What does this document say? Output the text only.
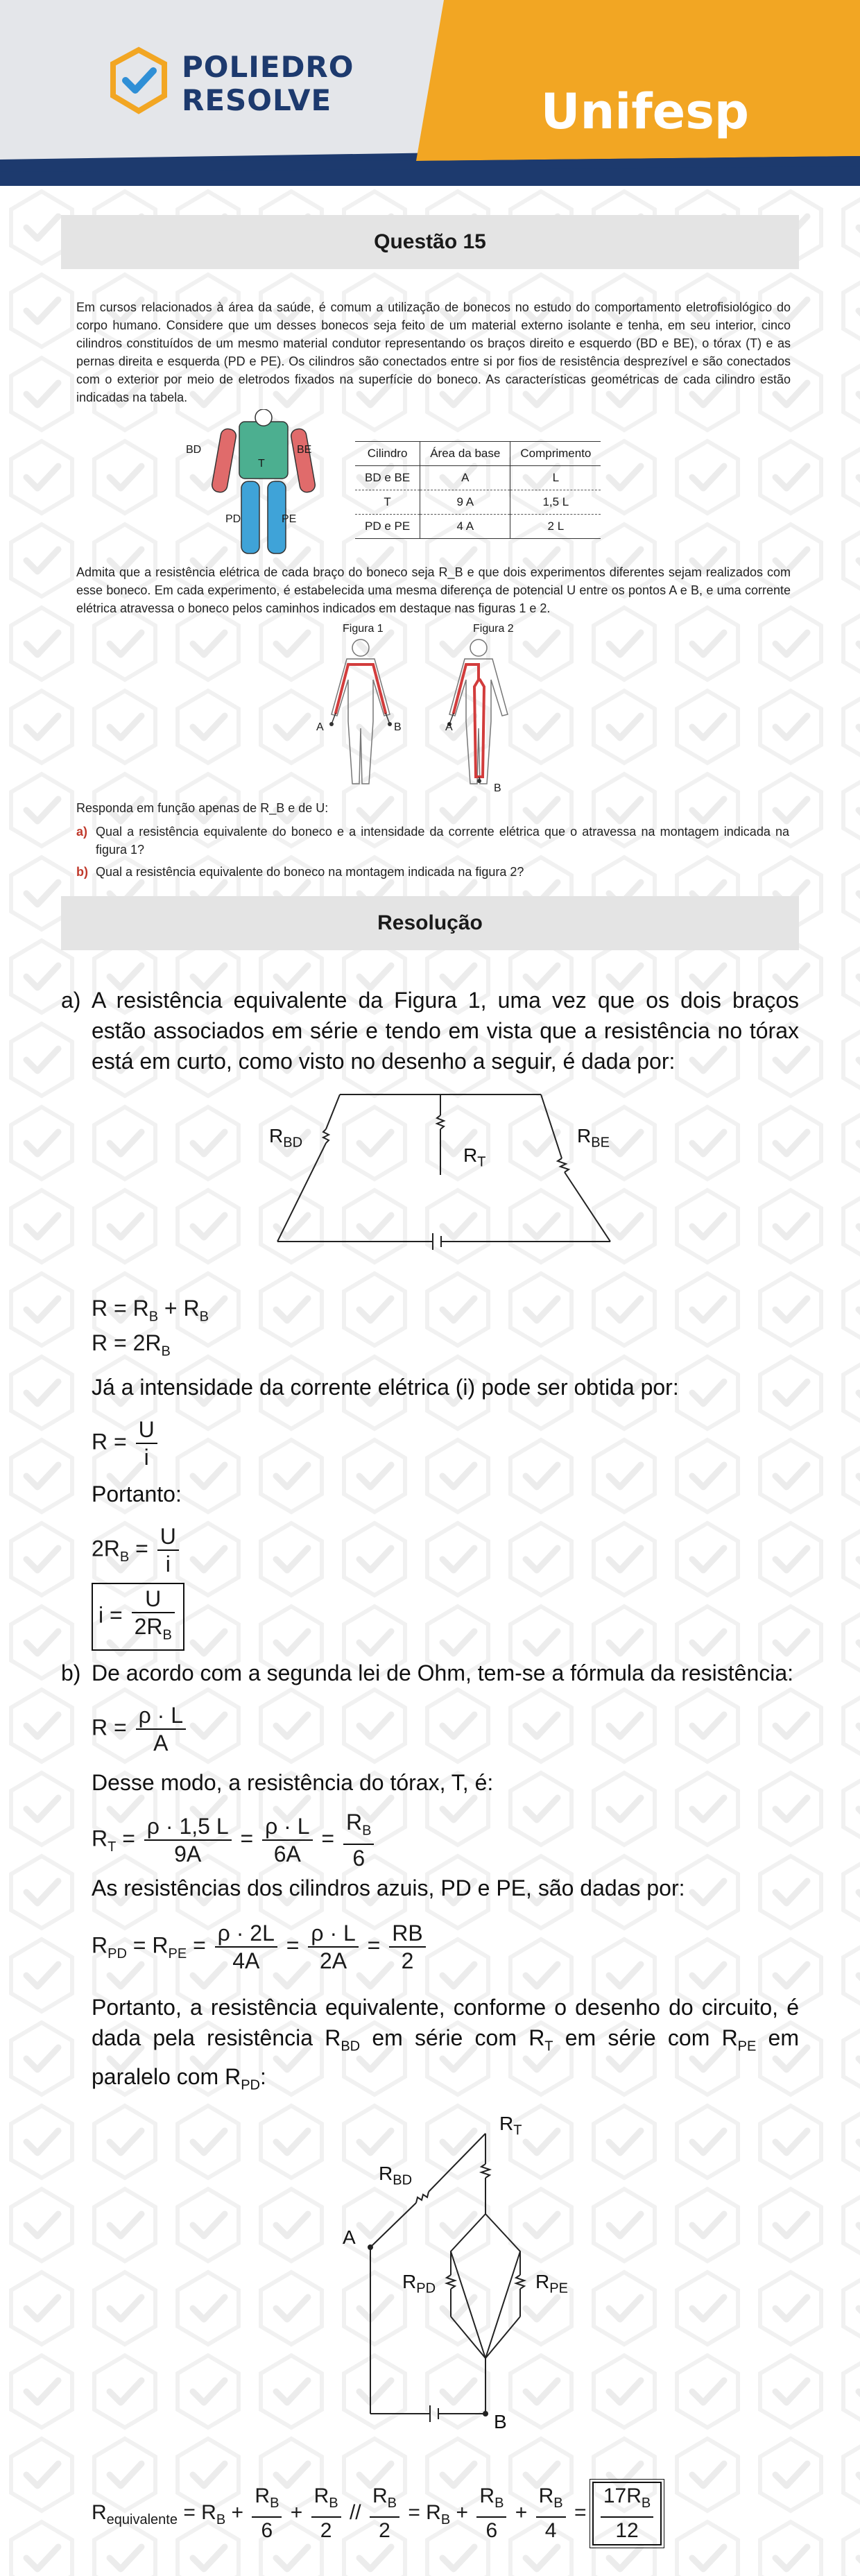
POLIEDRO
RESOLVE	Unifesp
Questão 15

Em cursos relacionados à área da saúde, é comum a utilização de bonecos no estudo do comportamento eletrofisiológico do corpo humano. Considere que um desses bonecos seja feito de um material externo isolante e tenha, em seu interior, cinco cilindros constituídos de um mesmo material condutor representando os braços direito e esquerdo (BD e BE), o tórax (T) e as pernas direita e esquerda (PD e PE). Os cilindros são conectados entre si por fios de resistência desprezível e são conectados com o exterior por meio de eletrodos fixados na superfície do boneco. As características geométricas de cada cilindro estão indicadas na tabela.

BD	BE
T
PD	PE
Cilindro	Área da base	Comprimento
BD e BE	A	L
T	9 A	1,5 L
PD e PE	4 A	2 L

Admita que a resistência elétrica de cada braço do boneco seja R_B e que dois experimentos diferentes sejam realizados com esse boneco. Em cada experimento, é estabelecida uma mesma diferença de potencial U entre os pontos A e B, e uma corrente elétrica atravessa o boneco pelos caminhos indicados em destaque nas figuras 1 e 2.

Figura 1	Figura 2
A	B	A
B

Responda em função apenas de R_B e de U:

a) Qual a resistência equivalente do boneco e a intensidade da corrente elétrica que o atravessa na montagem indicada na figura 1?
b) Qual a resistência equivalente do boneco na montagem indicada na figura 2?
Resolução
a) A resistência equivalente da Figura 1, uma vez que os dois braços estão associados em série e tendo em vista que a resistência no tórax está em curto, como visto no desenho a seguir, é dada por:
$R_{BD}$
$R_T$
$R_{BE}$
$R = R_B + R_B$
$R = 2R_B$
Já a intensidade da corrente elétrica (i) pode ser obtida por:
$R = \frac{U}{i}$
Portanto:
$2R_B = \frac{U}{i}$
$i = \frac{U}{2R_B}$
b) De acordo com a segunda lei de Ohm, tem-se a fórmula da resistência:
$R = \frac{\rho \cdot L}{A}$
Desse modo, a resistência do tórax, T, é:
$R_T = \frac{\rho \cdot 1,5 L}{9A} = \frac{\rho \cdot L}{6A} = \frac{R_B}{6}$
As resistências dos cilindros azuis, PD e PE, são dadas por:
$R_{PD} = R_{PE} = \frac{\rho \cdot 2L}{4A} = \frac{\rho \cdot L}{2A} = \frac{RB}{2}$
Portanto, a resistência equivalente, conforme o desenho do circuito, é dada pela resistência $R_{BD}$ em série com $R_T$ em série com $R_{PE}$ em paralelo com $R_{PD}$:
$R_{BD}$
$R_T$
$R_{PD}$	$R_{PE}$
A
B
$R_{equivalente} = R_B + \frac{R_B}{6} + \frac{R_B}{2} // \frac{R_B}{2} = R_B + \frac{R_B}{6} + \frac{R_B}{4} = \frac{17R_B}{12}$
